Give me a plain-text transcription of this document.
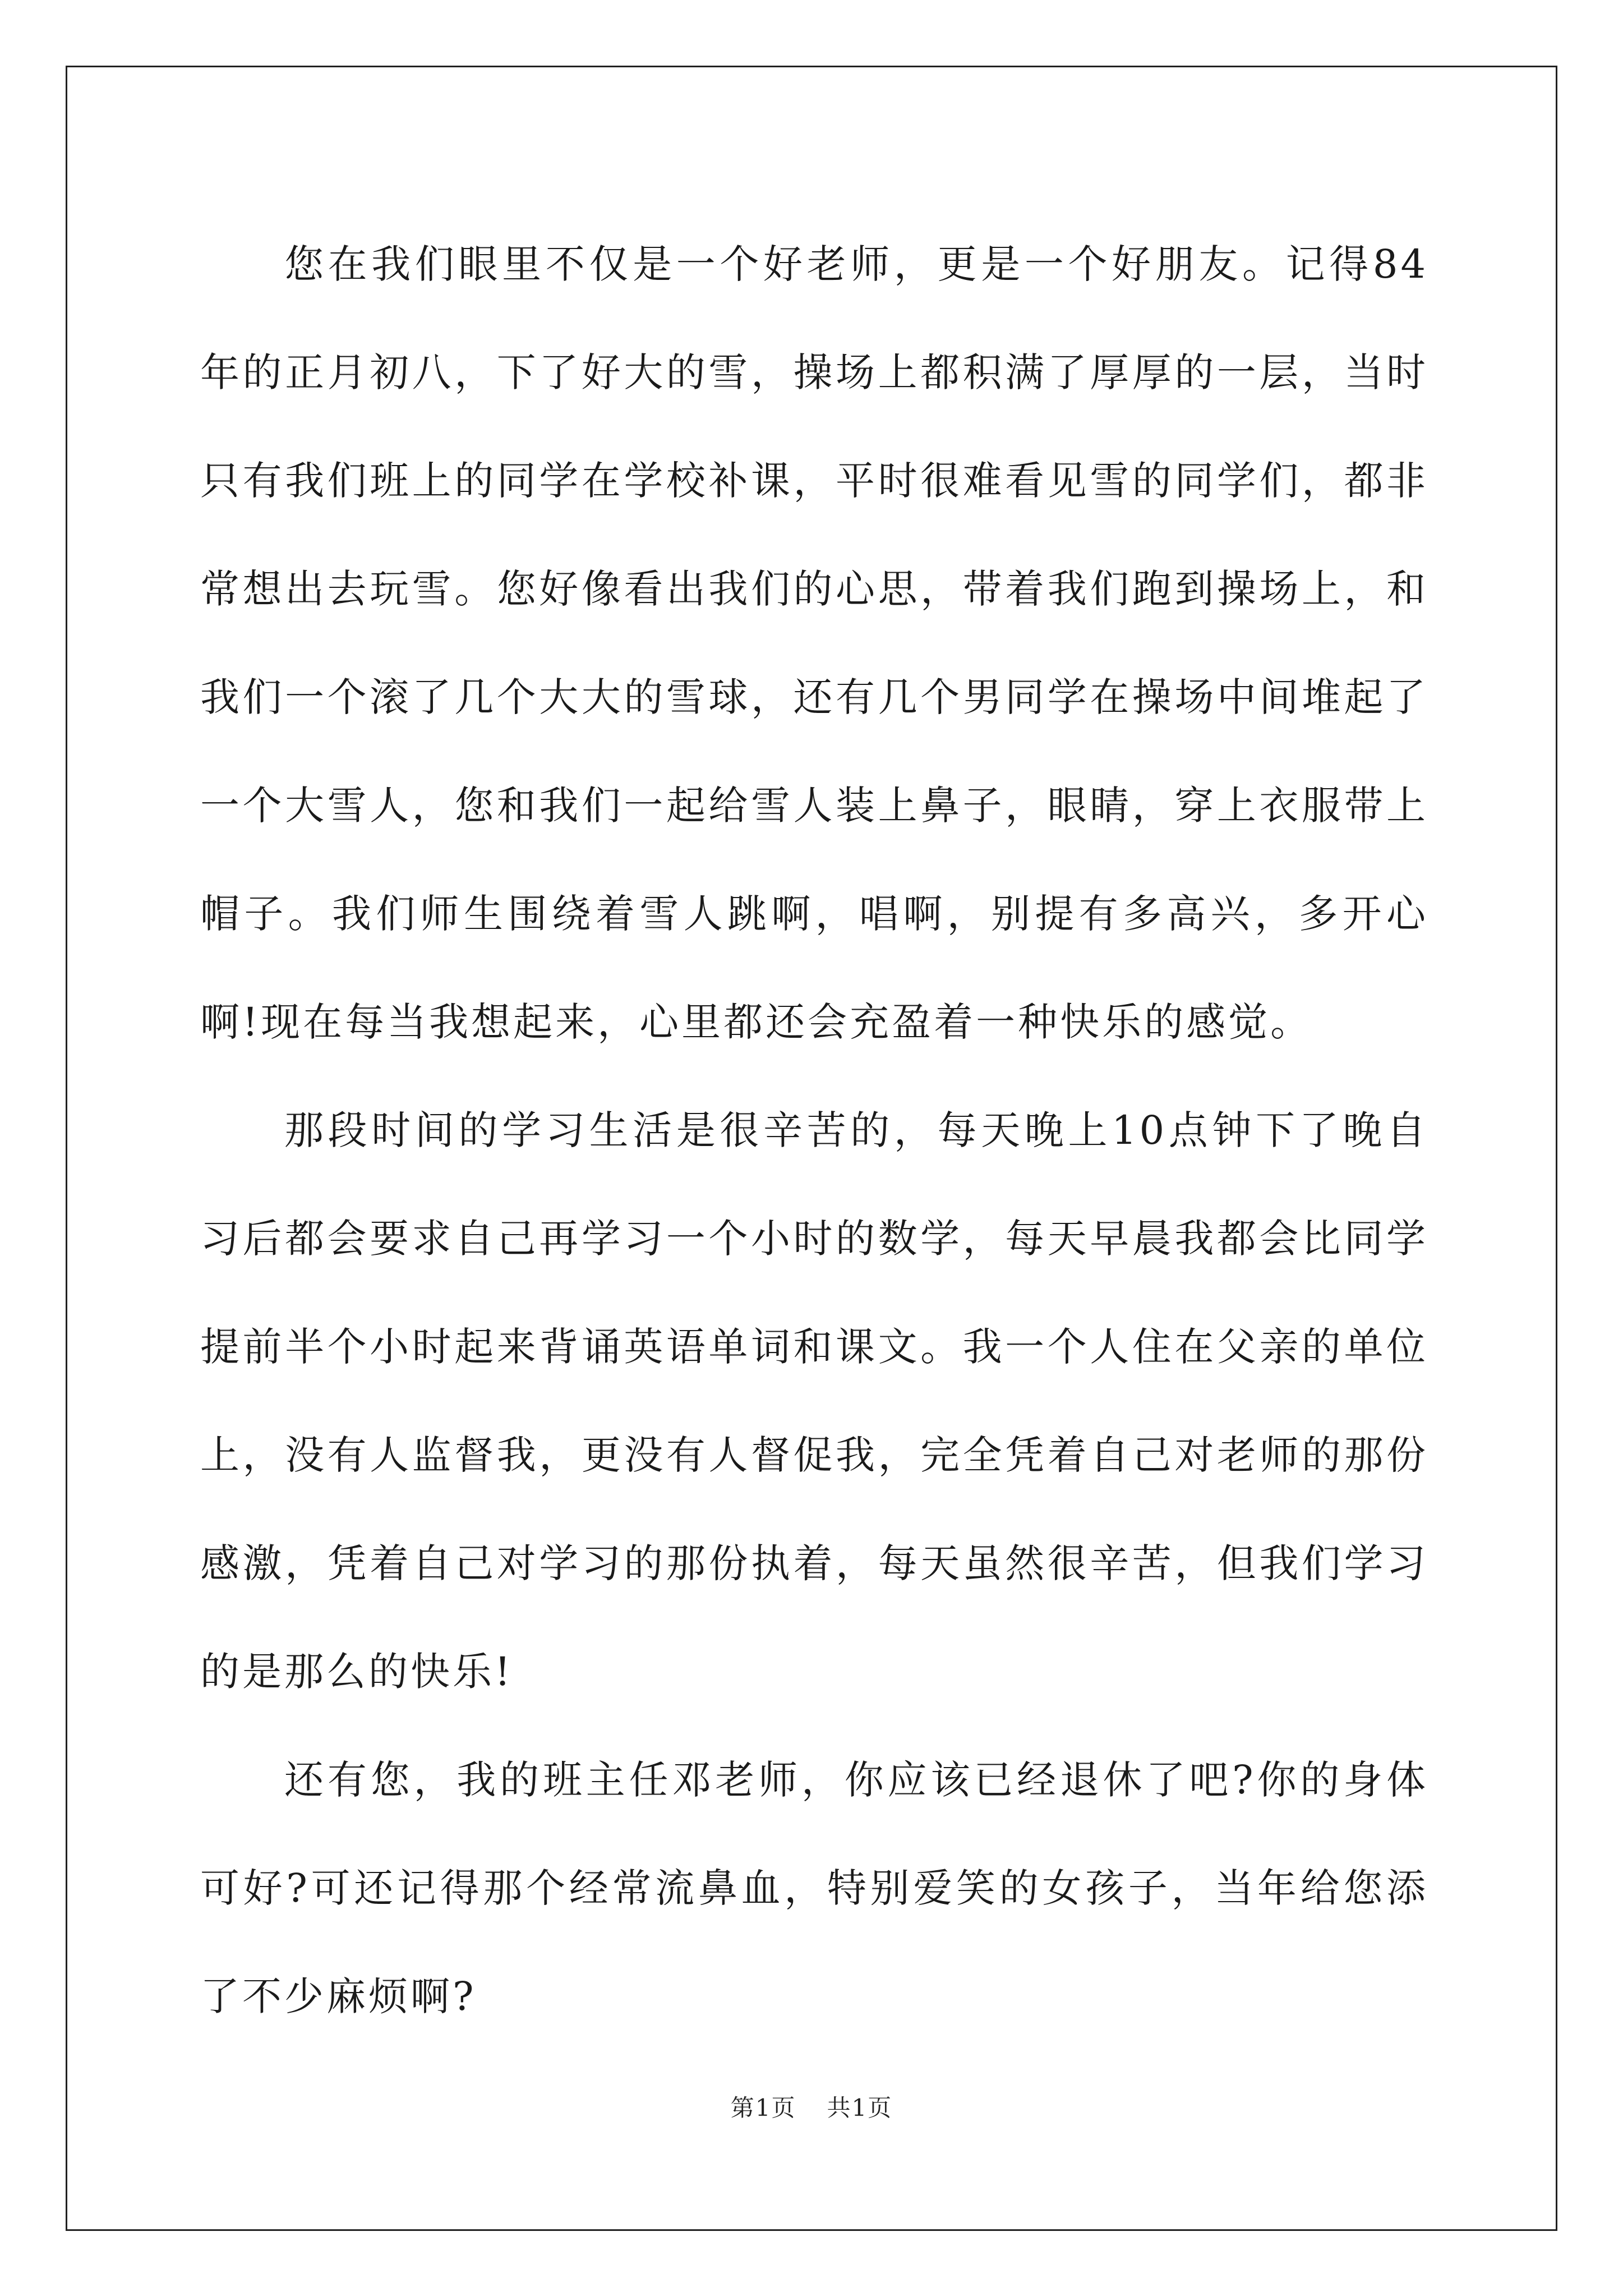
您在我们眼里不仅是一个好老师，更是一个好朋友。记得84年的正月初八，下了好大的雪，操场上都积满了厚厚的一层，当时只有我们班上的同学在学校补课，平时很难看见雪的同学们，都非常想出去玩雪。您好像看出我们的心思，带着我们跑到操场上，和我们一个滚了几个大大的雪球，还有几个男同学在操场中间堆起了一个大雪人，您和我们一起给雪人装上鼻子，眼睛，穿上衣服带上帽子。我们师生围绕着雪人跳啊，唱啊，别提有多高兴，多开心啊!现在每当我想起来，心里都还会充盈着一种快乐的感觉。

那段时间的学习生活是很辛苦的，每天晚上10点钟下了晚自习后都会要求自己再学习一个小时的数学，每天早晨我都会比同学提前半个小时起来背诵英语单词和课文。我一个人住在父亲的单位上，没有人监督我，更没有人督促我，完全凭着自己对老师的那份感激，凭着自己对学习的那份执着，每天虽然很辛苦，但我们学习的是那么的快乐!

还有您，我的班主任邓老师，你应该已经退休了吧?你的身体可好?可还记得那个经常流鼻血，特别爱笑的女孩子，当年给您添了不少麻烦啊?

第1页 共1页
